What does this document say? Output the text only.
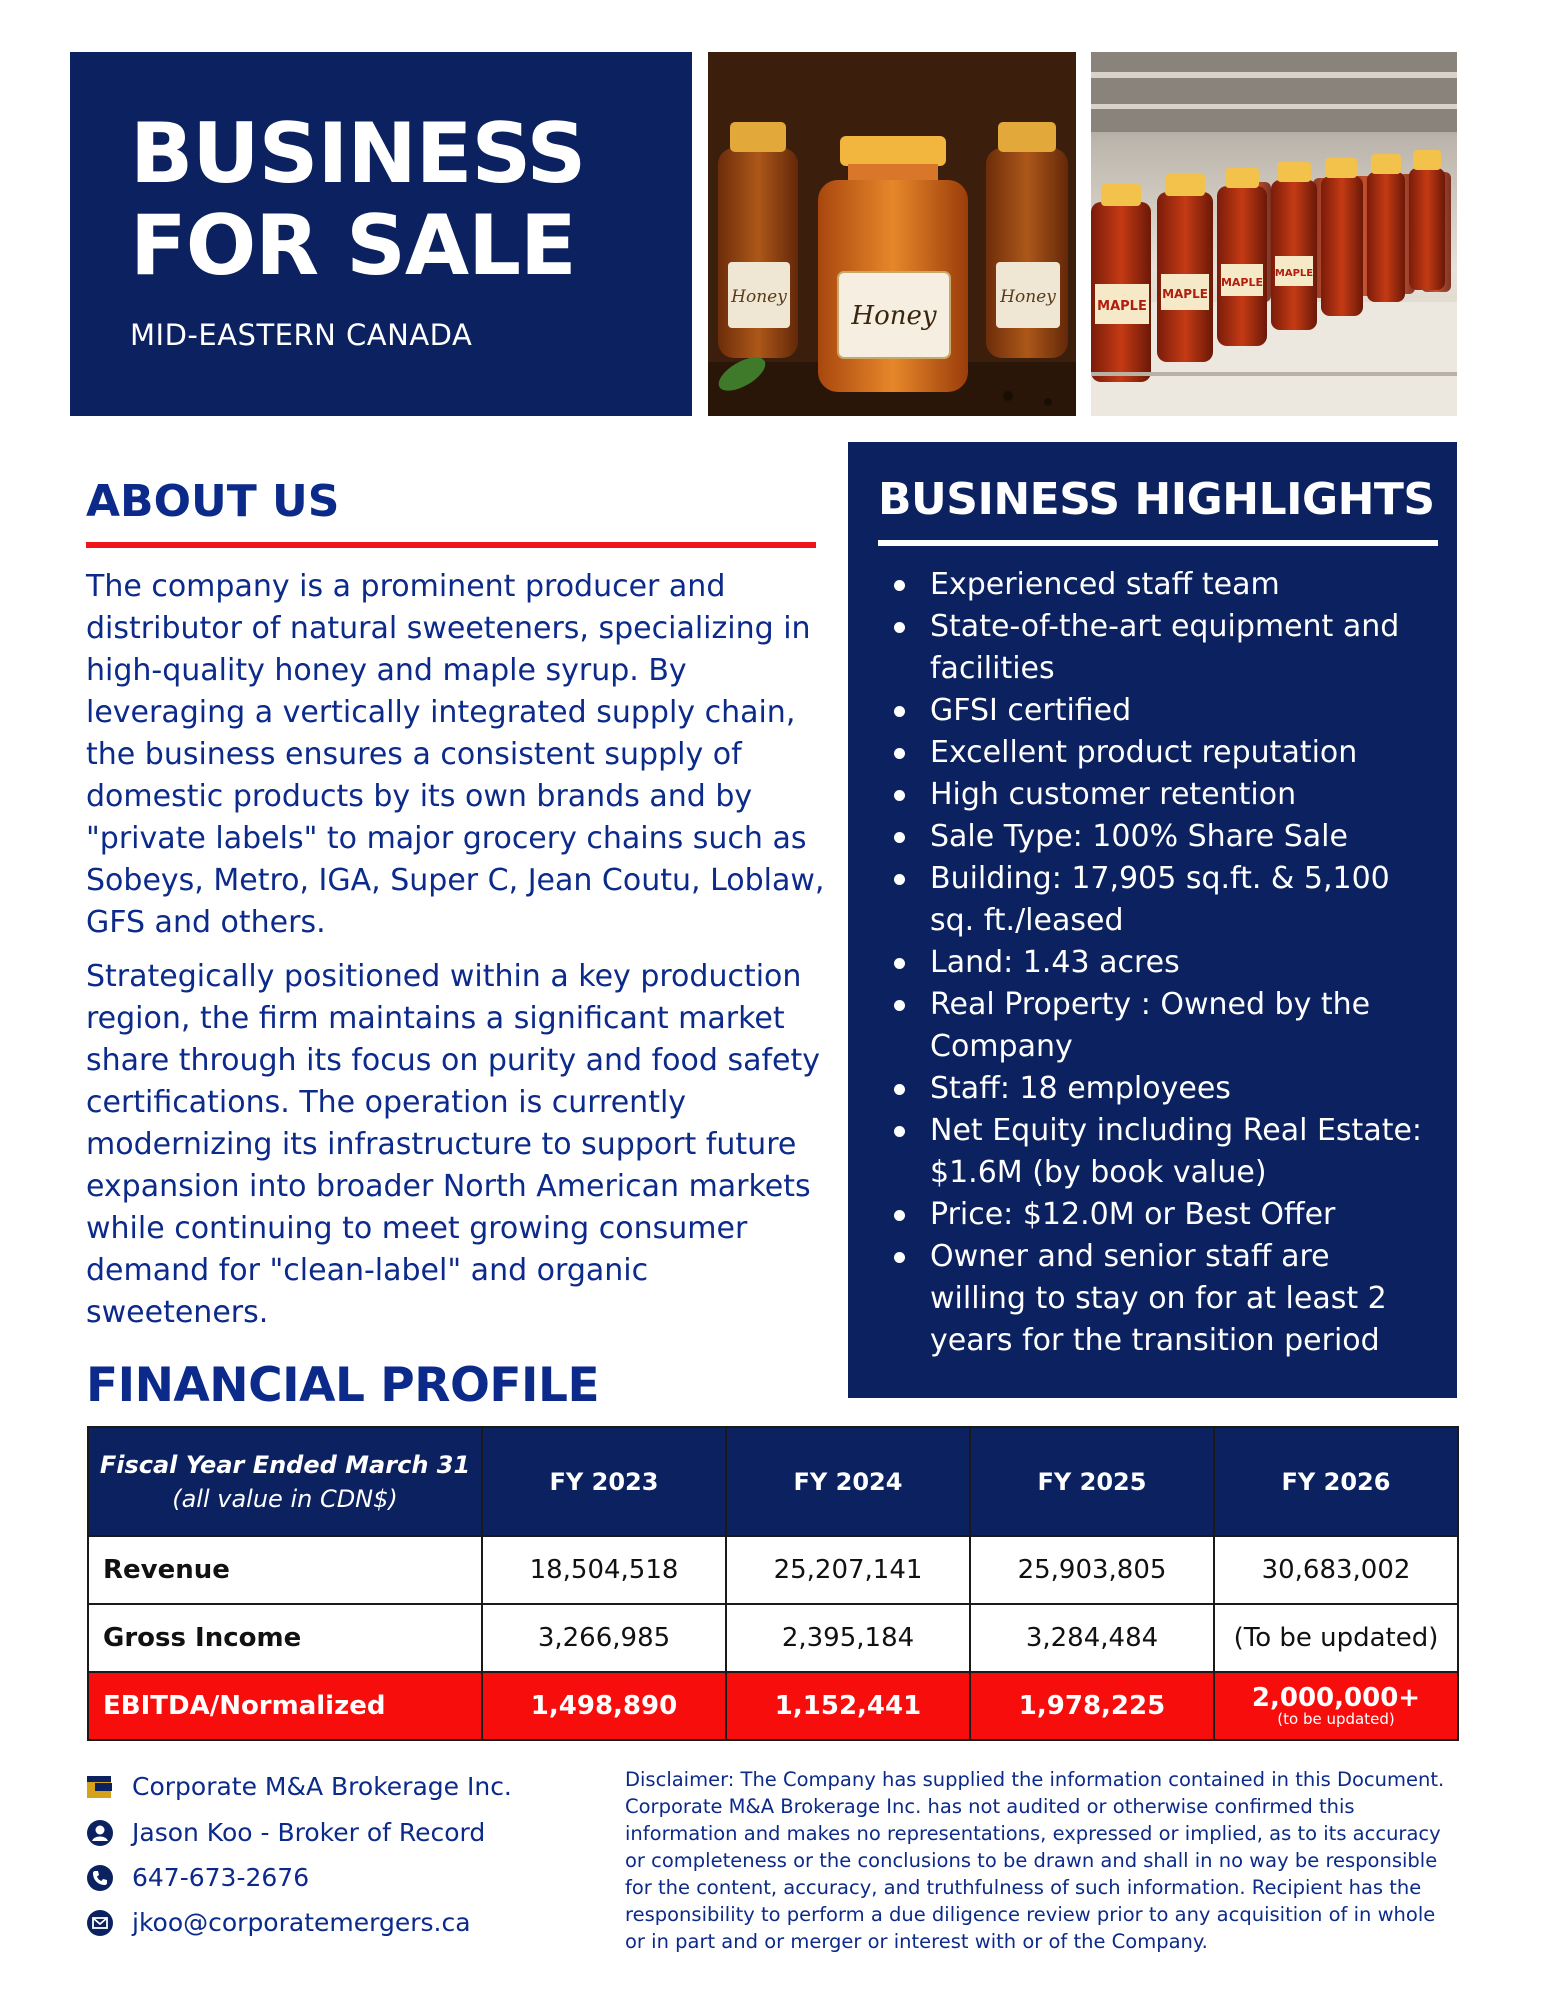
BUSINESS
FOR SALE
MID-EASTERN CANADA
Honey	Honey
Honey	MAPLE
MAPLE
MAPLE
MAPLE
ABOUT US

The company is a prominent producer and distributor of natural sweeteners, specializing in high-quality honey and maple syrup. By leveraging a vertically integrated supply chain, the business ensures a consistent supply of domestic products by its own brands and by "private labels" to major grocery chains such as Sobeys, Metro, IGA, Super C, Jean Coutu, Loblaw, GFS and others.

Strategically positioned within a key production region, the firm maintains a significant market share through its focus on purity and food safety certifications. The operation is currently modernizing its infrastructure to support future expansion into broader North American markets while continuing to meet growing consumer demand for "clean-label" and organic sweeteners.

BUSINESS HIGHLIGHTS
Experienced staff team
State-of-the-art equipment and facilities
GFSI certified
Excellent product reputation
High customer retention
Sale Type: 100% Share Sale
Building: 17,905 sq.ft. & 5,100 sq. ft./leased
Land: 1.43 acres
Real Property : Owned by the Company
Staff: 18 employees
Net Equity including Real Estate: $1.6M (by book value)
Price: $12.0M or Best Offer
Owner and senior staff are willing to stay on for at least 2 years for the transition period
FINANCIAL PROFILE
Fiscal Year Ended March 31
(all value in CDN$)	FY 2023	FY 2024	FY 2025	FY 2026
Revenue	18,504,518	25,207,141	25,903,805	30,683,002
Gross Income	3,266,985	2,395,184	3,284,484	(To be updated)
EBITDA/Normalized	1,498,890	1,152,441	1,978,225	2,000,000+
(to be updated)
Corporate M&A Brokerage Inc.
Jason Koo - Broker of Record
647-673-2676
jkoo@corporatemergers.ca

Disclaimer: The Company has supplied the information contained in this Document. Corporate M&A Brokerage Inc. has not audited or otherwise confirmed this information and makes no representations, expressed or implied, as to its accuracy or completeness or the conclusions to be drawn and shall in no way be responsible for the content, accuracy, and truthfulness of such information. Recipient has the responsibility to perform a due diligence review prior to any acquisition of in whole or in part and or merger or interest with or of the Company.
